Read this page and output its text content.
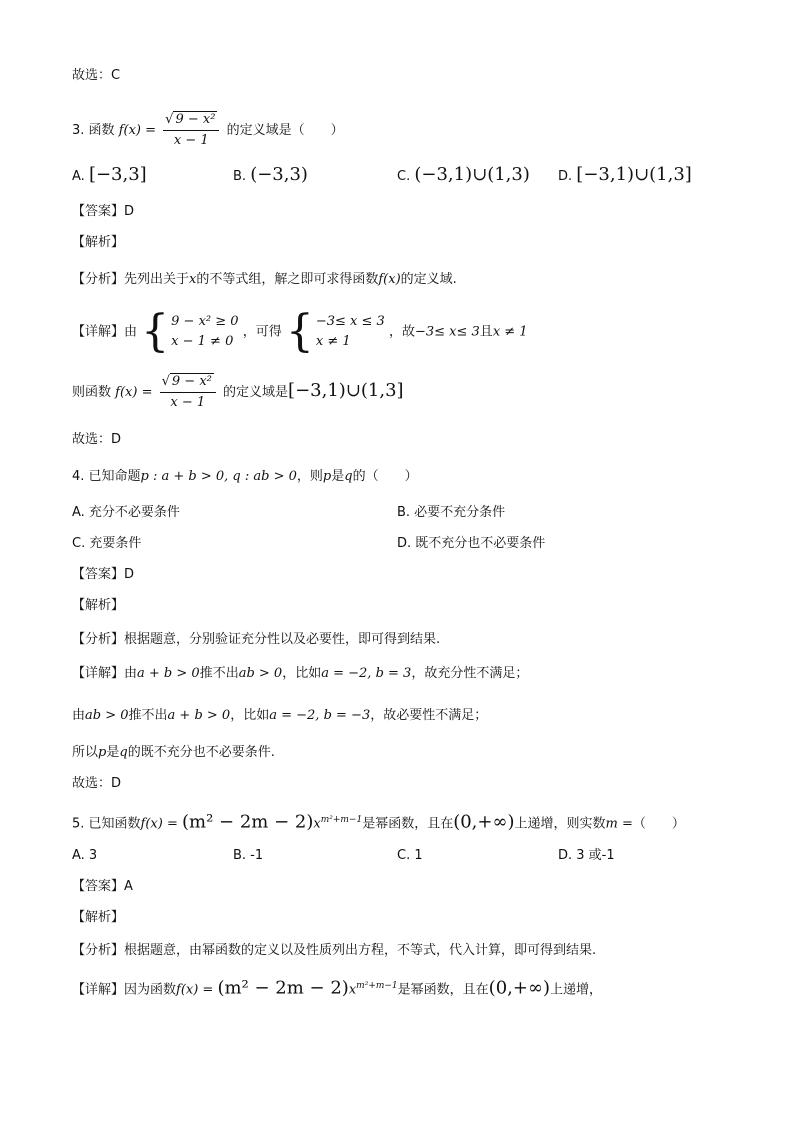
故选：C
3. 函数 $f(x) = \frac{\text{√ 9 − x²}}{x - 1}$ 的定义域是（　　）
A. [−3,3]	B. (−3,3)	C. (−3,1)∪(1,3) D. [−3,1)∪(1,3]
【答案】D
【解析】
【分析】先列出关于x的不等式组，解之即可求得函数f(x)的定义域.
【详解】由 { 9 − x² ≥ 0
x − 1 ≠ 0
，可得 { −3≤ x ≤ 3
x ≠ 1
，故−3≤ x≤ 3且x ≠ 1
则函数 $f(x) = \frac{\text{√ 9 − x²}}{x - 1}$ 的定义域是[−3,1)∪(1,3]
故选：D
4. 已知命题p : a + b > 0, q : ab > 0，则p是q的（　　）
A. 充分不必要条件	B. 必要不充分条件
C. 充要条件	D. 既不充分也不必要条件
【答案】D
【解析】
【分析】根据题意，分别验证充分性以及必要性，即可得到结果.
【详解】由a + b > 0推不出ab > 0，比如a = −2, b = 3，故充分性不满足；
由ab > 0推不出a + b > 0，比如a = −2, b = −3，故必要性不满足；
所以p是q的既不充分也不必要条件.
故选：D
5. 已知函数$f(x) = (m^2 - 2m - 2)x^{m^2+m-1}$是幂函数，且在(0,+∞)上递增，则实数m =（　　）
A. 3	B. -1	C. 1	D. 3 或-1
【答案】A
【解析】
【分析】根据题意，由幂函数的定义以及性质列出方程，不等式，代入计算，即可得到结果.
【详解】因为函数$f(x) = (m^2 - 2m - 2)x^{m^2+m-1}$是幂函数，且在(0,+∞)上递增，
